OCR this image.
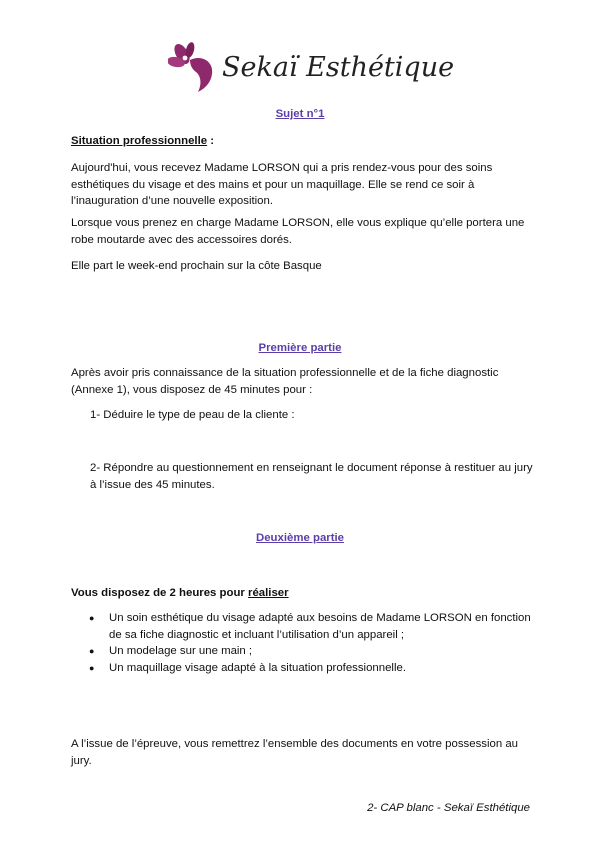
Sekaï Esthétique
Sujet n°1
Situation professionnelle :
Aujourd'hui, vous recevez Madame LORSON qui a pris rendez-vous pour des soins esthétiques du visage et des mains et pour un maquillage. Elle se rend ce soir à l’inauguration d’une nouvelle exposition.
Lorsque vous prenez en charge Madame LORSON, elle vous explique qu’elle portera une robe moutarde avec des accessoires dorés.
Elle part le week-end prochain sur la côte Basque
Première partie
Après avoir pris connaissance de la situation professionnelle et de la fiche diagnostic (Annexe 1), vous disposez de 45 minutes pour :
1- Déduire le type de peau de la cliente :
2- Répondre au questionnement en renseignant le document réponse à restituer au jury à l’issue des 45 minutes.
Deuxième partie
Vous disposez de 2 heures pour réaliser
● Un soin esthétique du visage adapté aux besoins de Madame LORSON en fonction de sa fiche diagnostic et incluant l’utilisation d’un appareil ;
● Un modelage sur une main ;
● Un maquillage visage adapté à la situation professionnelle.
A l’issue de l’épreuve, vous remettrez l’ensemble des documents en votre possession au jury.
2- CAP blanc - Sekaï Esthétique
